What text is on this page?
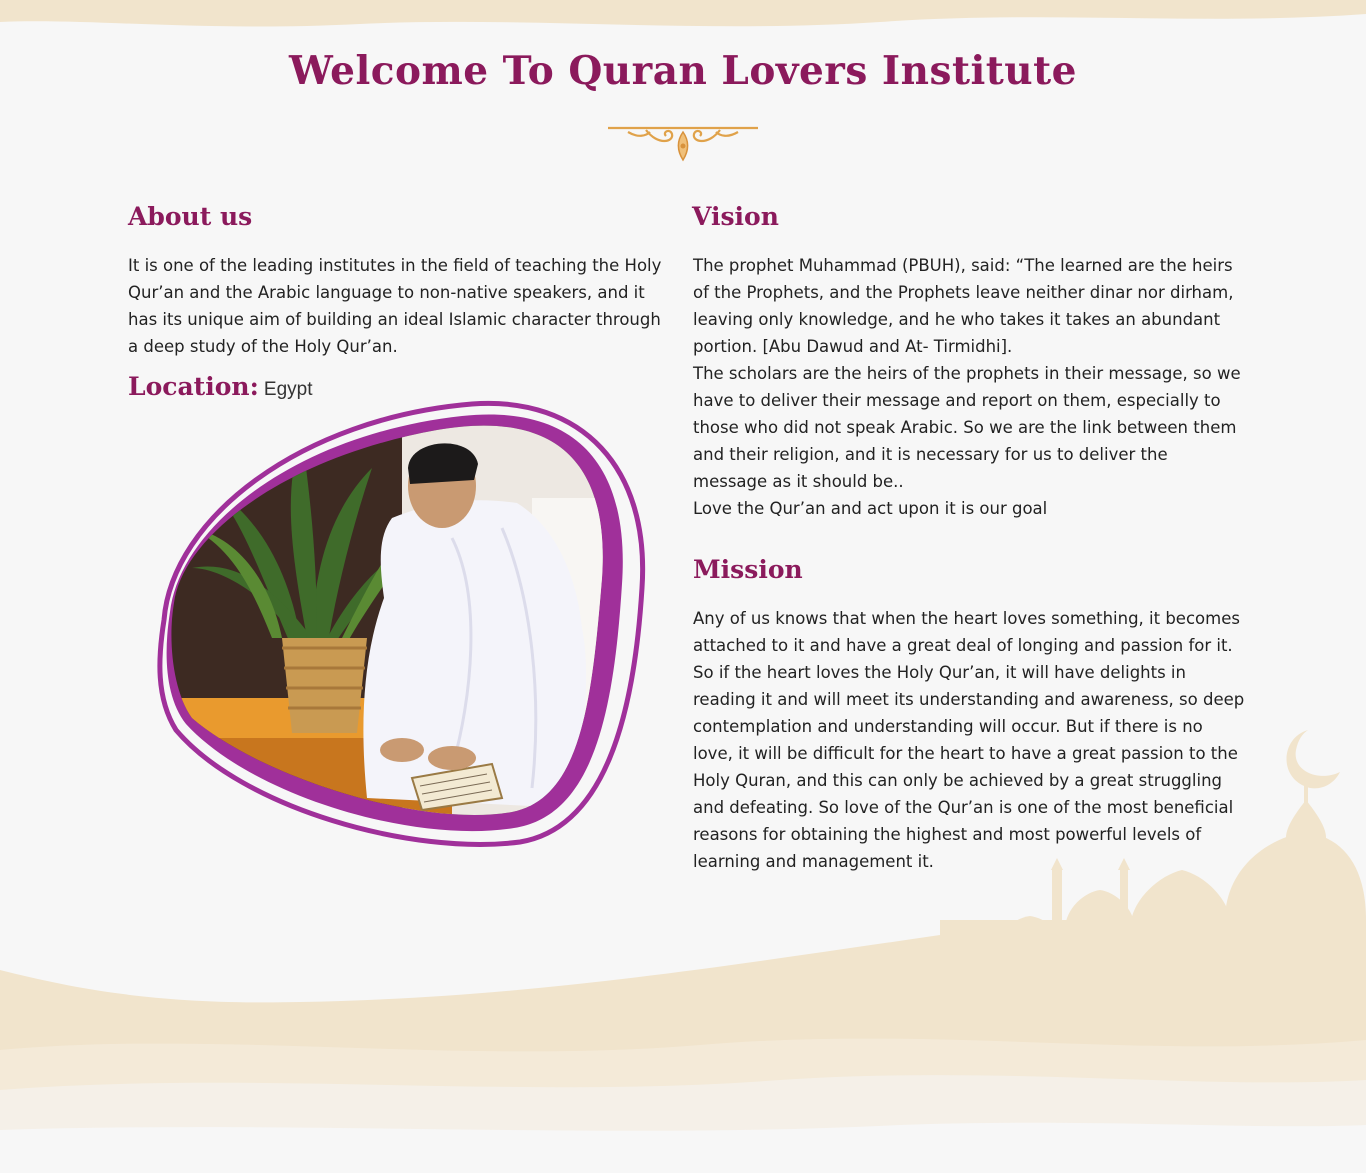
Welcome To Quran Lovers Institute
About us

It is one of the leading institutes in the field of teaching the Holy Qur’an and the Arabic language to non-native speakers, and it has its unique aim of building an ideal Islamic character through a deep study of the Holy Qur’an.

Location: Egypt

Vision

The prophet Muhammad (PBUH), said: “The learned are the heirs of the Prophets, and the Prophets leave neither dinar nor dirham, leaving only knowledge, and he who takes it takes an abundant portion. [Abu Dawud and At- Tirmidhi].

The scholars are the heirs of the prophets in their message, so we have to deliver their message and report on them, especially to those who did not speak Arabic. So we are the link between them and their religion, and it is necessary for us to deliver the message as it should be..

Love the Qur’an and act upon it is our goal

Mission

Any of us knows that when the heart loves something, it becomes attached to it and have a great deal of longing and passion for it. So if the heart loves the Holy Qur’an, it will have delights in reading it and will meet its understanding and awareness, so deep contemplation and understanding will occur. But if there is no love, it will be difficult for the heart to have a great passion to the Holy Quran, and this can only be achieved by a great struggling and defeating. So love of the Qur’an is one of the most beneficial reasons for obtaining the highest and most powerful levels of learning and management it.
